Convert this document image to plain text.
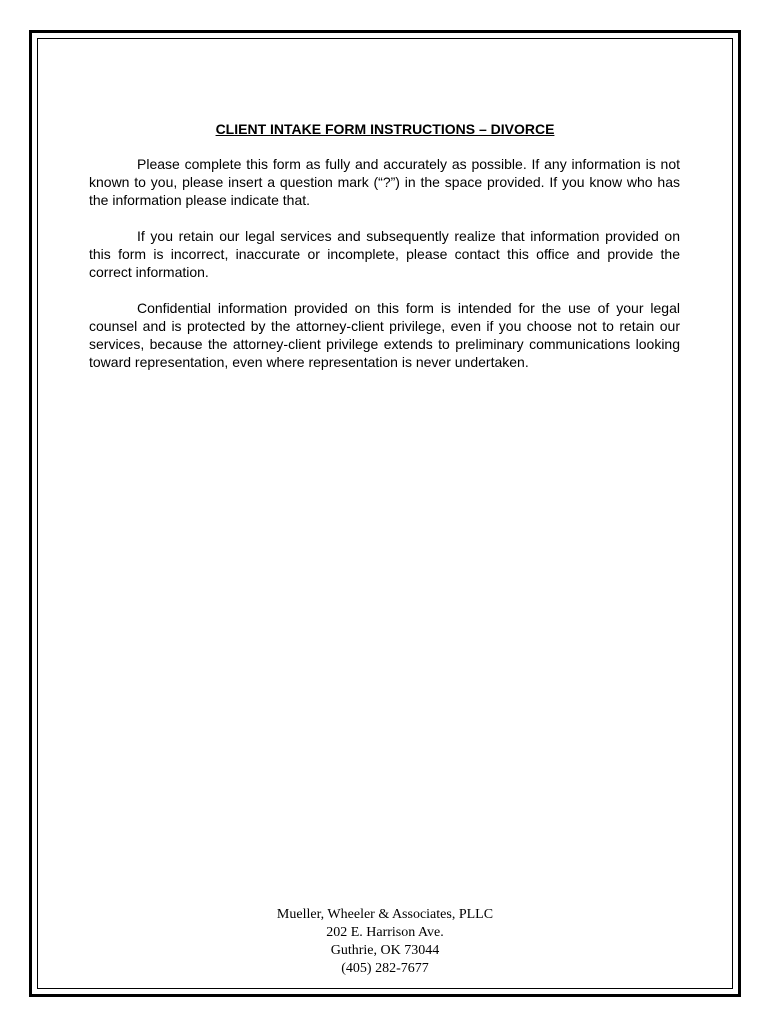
CLIENT INTAKE FORM INSTRUCTIONS – DIVORCE

Please complete this form as fully and accurately as possible. If any information is not known to you, please insert a question mark (“?”) in the space provided. If you know who has the information please indicate that.

If you retain our legal services and subsequently realize that information provided on this form is incorrect, inaccurate or incomplete, please contact this office and provide the correct information.

Confidential information provided on this form is intended for the use of your legal counsel and is protected by the attorney-client privilege, even if you choose not to retain our services, because the attorney-client privilege extends to preliminary communications looking toward representation, even where representation is never undertaken.

Mueller, Wheeler & Associates, PLLC
202 E. Harrison Ave.
Guthrie, OK 73044
(405) 282-7677
